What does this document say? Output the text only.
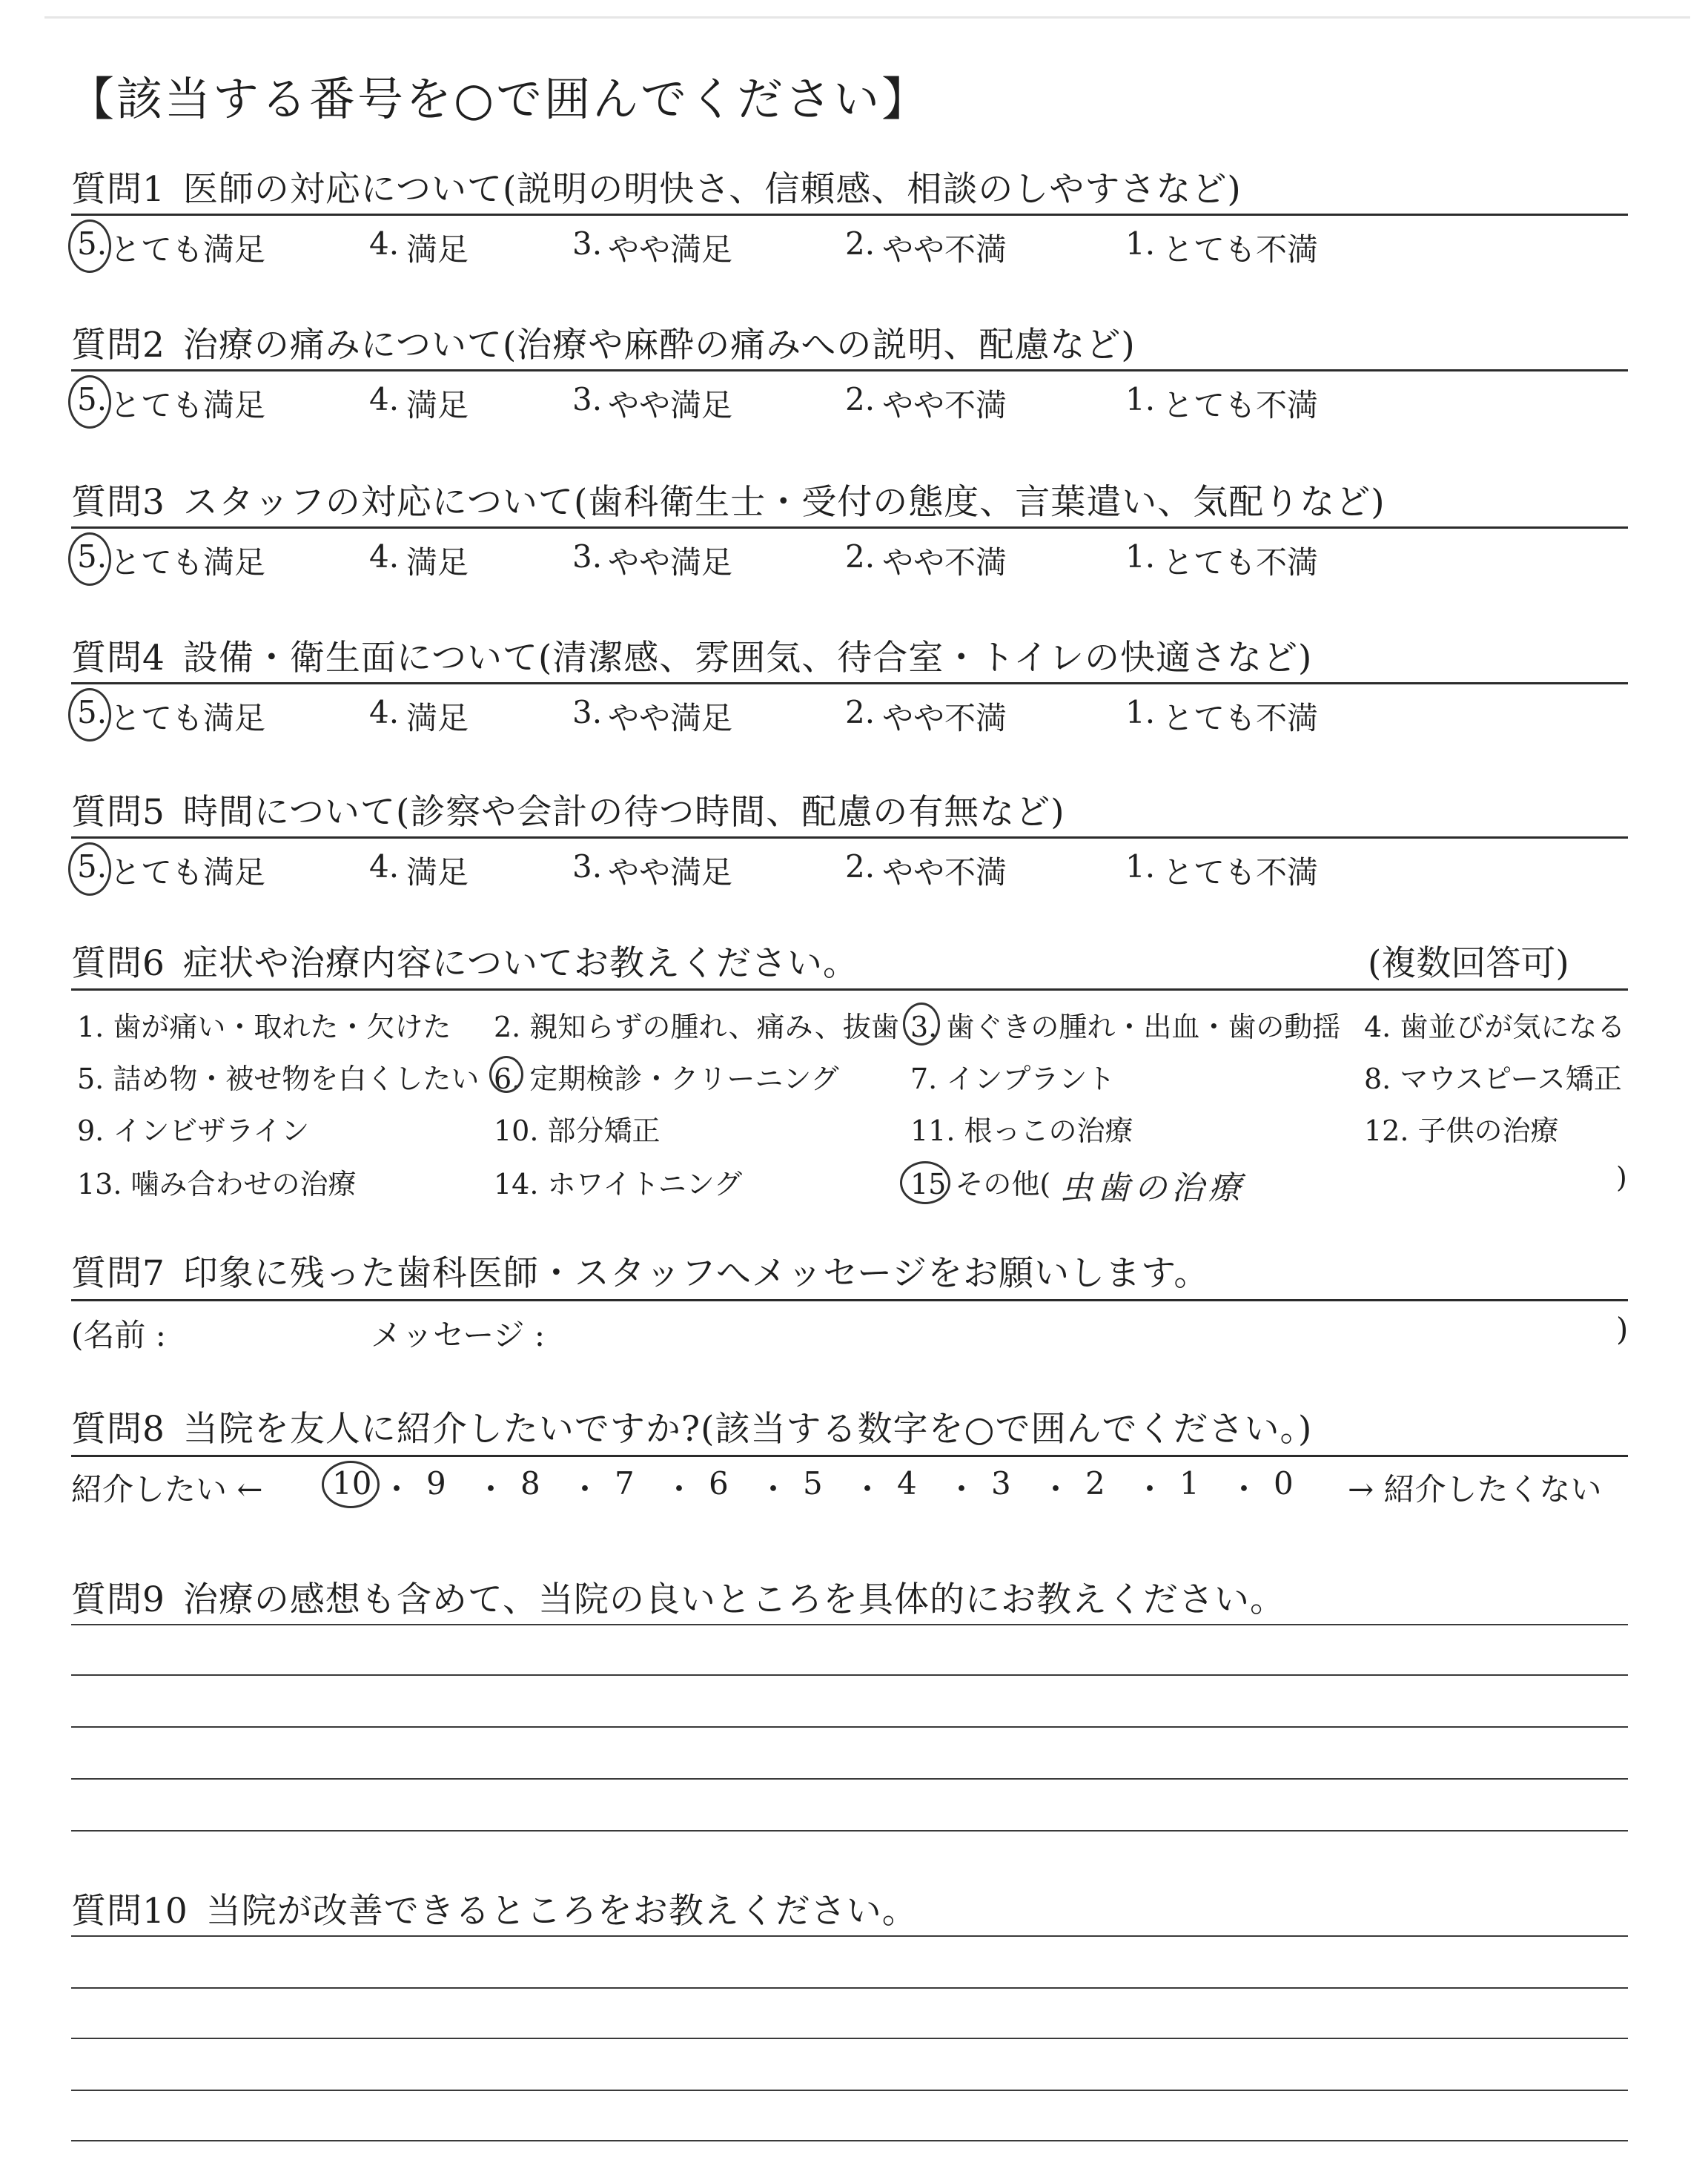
【該当する番号を○で囲んでください】
質問1 医師の対応について(説明の明快さ、信頼感、相談のしやすさなど)
5. とても満足	4. 満足	3. やや満足	2. やや不満	1. とても不満
質問2 治療の痛みについて(治療や麻酔の痛みへの説明、配慮など)
5. とても満足	4. 満足	3. やや満足	2. やや不満	1. とても不満
質問3 スタッフの対応について(歯科衛生士・受付の態度、言葉遣い、気配りなど)
5. とても満足	4. 満足	3. やや満足	2. やや不満	1. とても不満
質問4 設備・衛生面について(清潔感、雰囲気、待合室・トイレの快適さなど)
5. とても満足	4. 満足	3. やや満足	2. やや不満	1. とても不満
質問5 時間について(診察や会計の待つ時間、配慮の有無など)
5. とても満足	4. 満足	3. やや満足	2. やや不満	1. とても不満
質問6 症状や治療内容についてお教えください。	(複数回答可)
1. 歯が痛い・取れた・欠けた 2. 親知らずの腫れ、痛み、抜歯 3. 歯ぐきの腫れ・出血・歯の動揺 4. 歯並びが気になる
5. 詰め物・被せ物を白くしたい 6. 定期検診・クリーニング	7. インプラント	8. マウスピース矯正
9. インビザライン	10. 部分矯正	11. 根っこの治療	12. 子供の治療
13. 噛み合わせの治療	14. ホワイトニング	15 その他( 虫歯の治療	)
質問7 印象に残った歯科医師・スタッフへメッセージをお願いします。
(名前 :	メッセージ :	)
質問8 当院を友人に紹介したいですか?(該当する数字を○で囲んでください。)
紹介したい ← 10 ・ 9 ・ 8 ・ 7 ・ 6 ・ 5 ・ 4 ・ 3 ・ 2 ・ 1 ・ 0 → 紹介したくない
質問9 治療の感想も含めて、当院の良いところを具体的にお教えください。
質問10 当院が改善できるところをお教えください。
